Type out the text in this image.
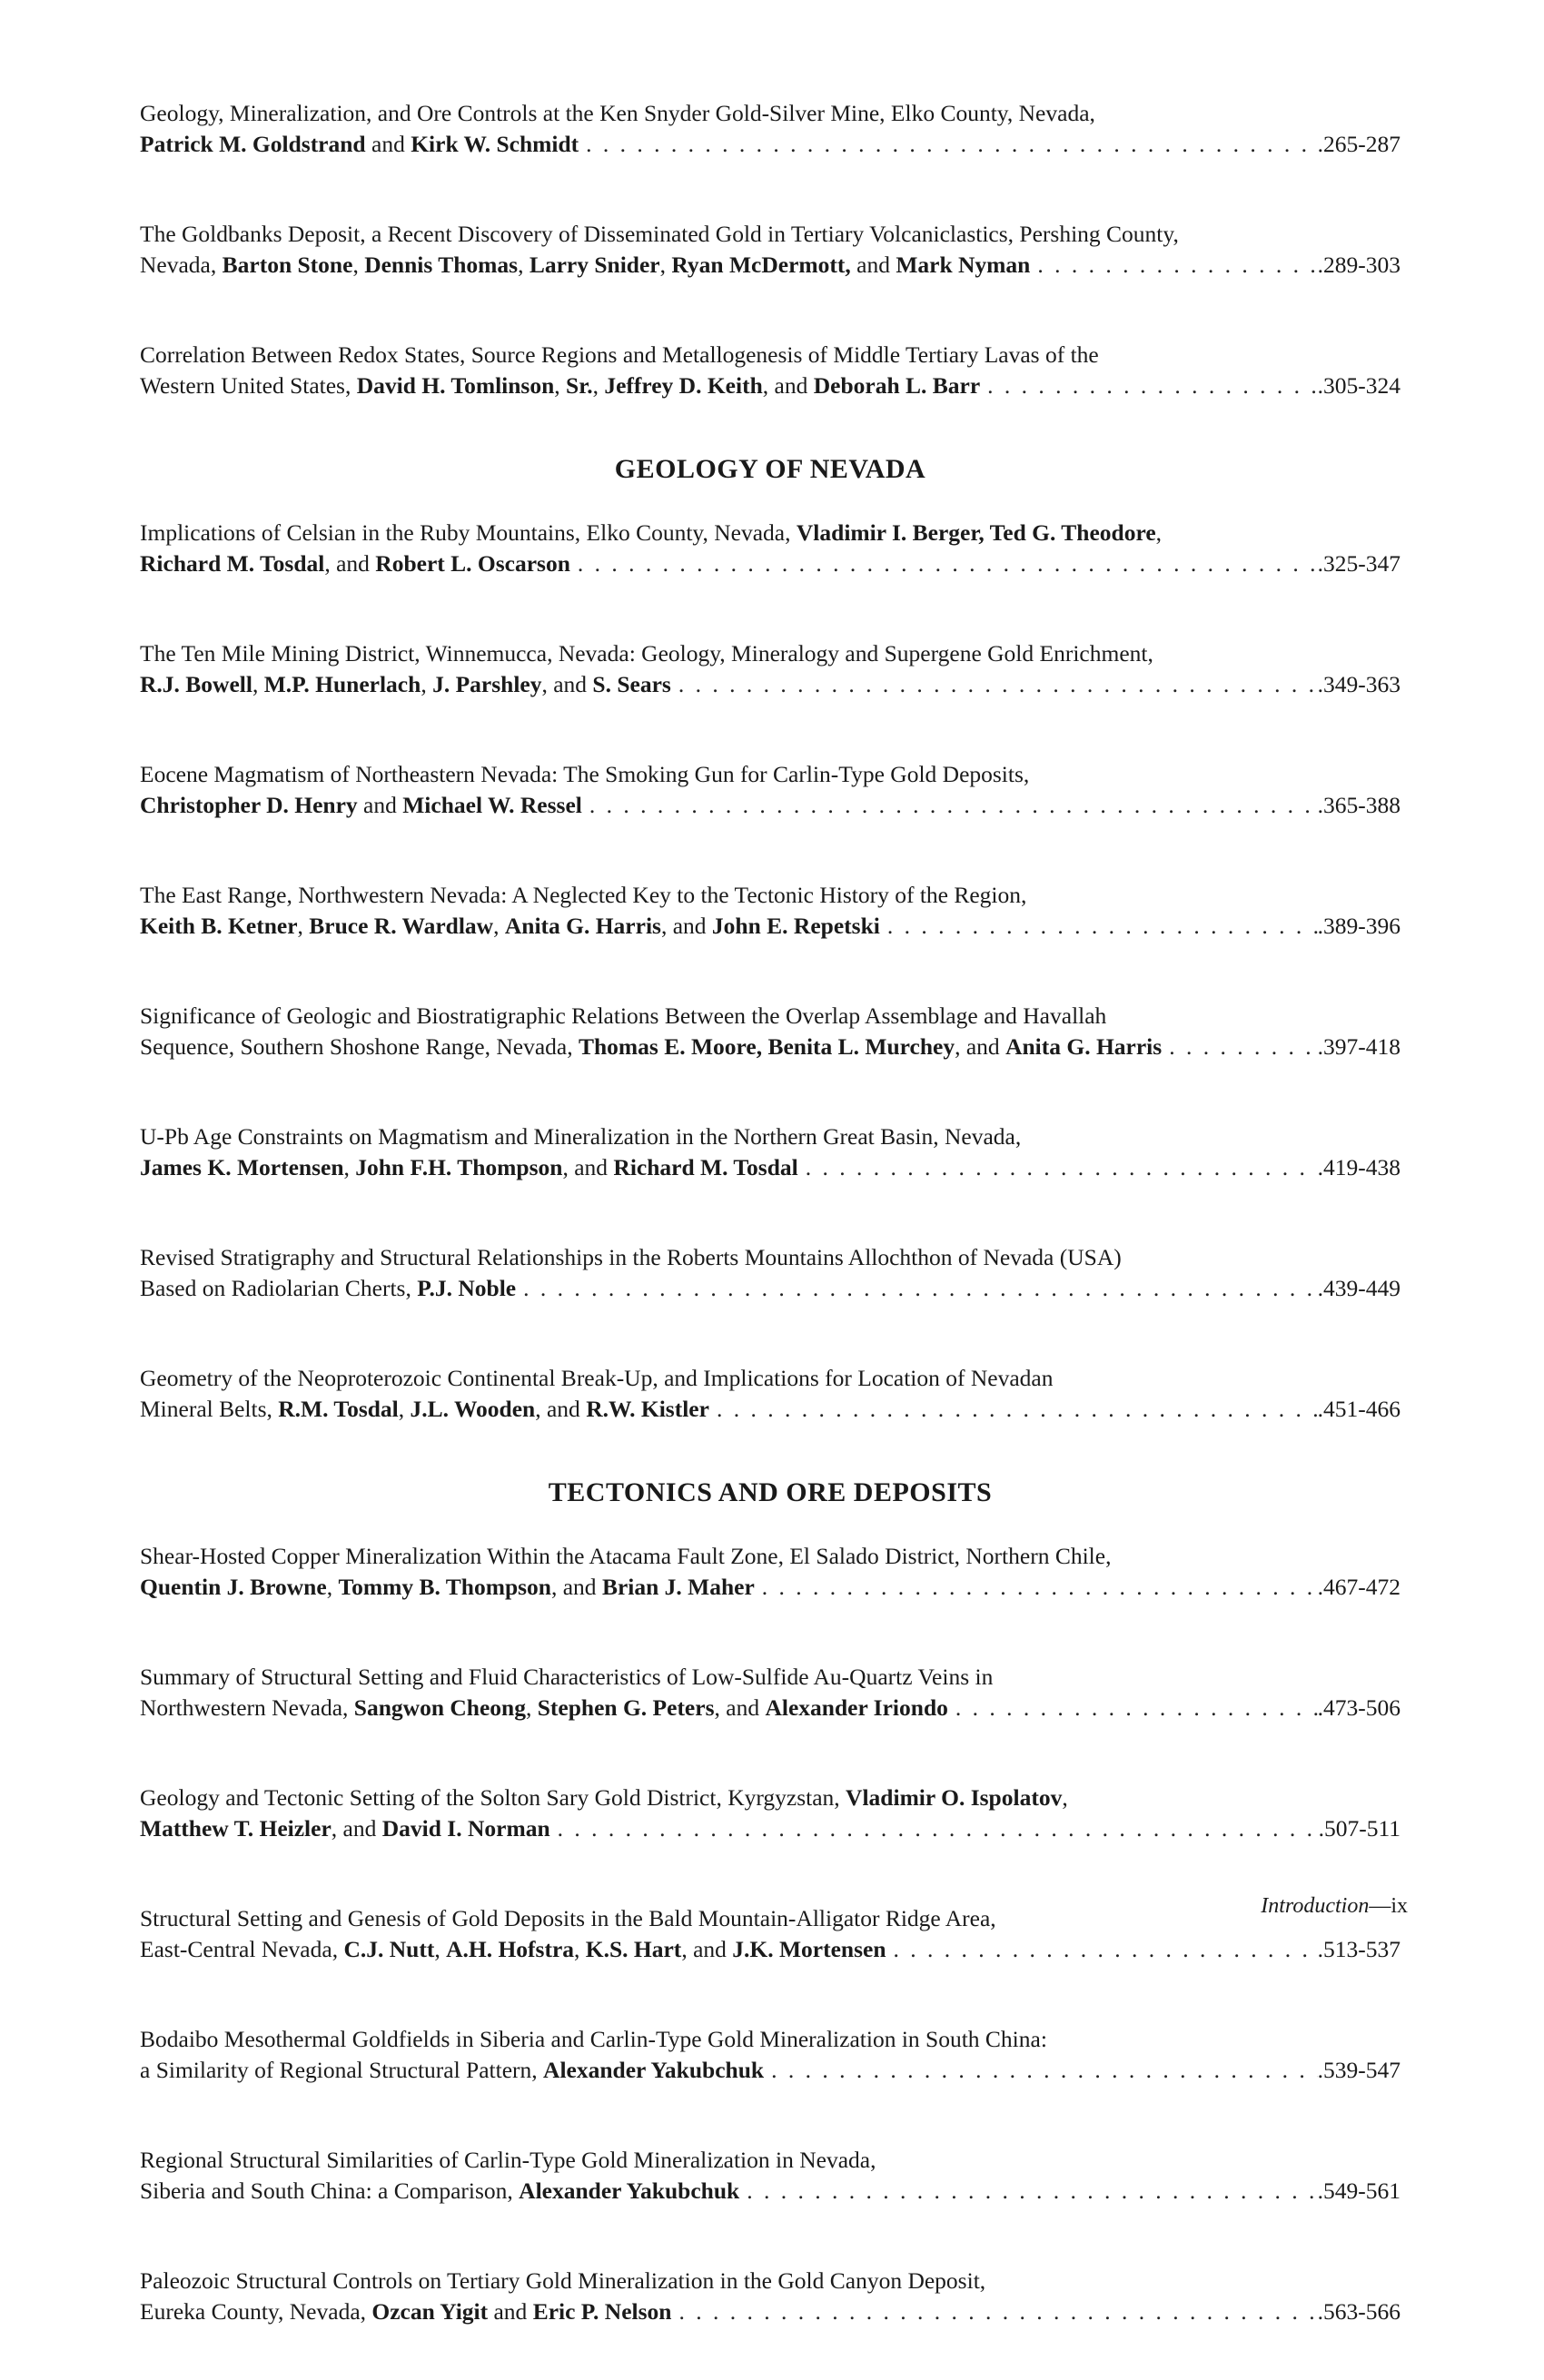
Geology, Mineralization, and Ore Controls at the Ken Snyder Gold-Silver Mine, Elko County, Nevada,
Patrick M. Goldstrand and Kirk W. Schmidt . . .	.265-287
The Goldbanks Deposit, a Recent Discovery of Disseminated Gold in Tertiary Volcaniclastics, Pershing County,
Nevada, Barton Stone, Dennis Thomas, Larry Snider, Ryan McDermott, and Mark Nyman . . .	.289-303
Correlation Between Redox States, Source Regions and Metallogenesis of Middle Tertiary Lavas of the
Western United States, David H. Tomlinson, Sr., Jeffrey D. Keith, and Deborah L. Barr . . .	.305-324
GEOLOGY OF NEVADA
Implications of Celsian in the Ruby Mountains, Elko County, Nevada, Vladimir I. Berger, Ted G. Theodore,
Richard M. Tosdal, and Robert L. Oscarson . . .	.325-347
The Ten Mile Mining District, Winnemucca, Nevada: Geology, Mineralogy and Supergene Gold Enrichment,
R.J. Bowell, M.P. Hunerlach, J. Parshley, and S. Sears . . .	.349-363
Eocene Magmatism of Northeastern Nevada: The Smoking Gun for Carlin-Type Gold Deposits,
Christopher D. Henry and Michael W. Ressel . . .	.365-388
The East Range, Northwestern Nevada: A Neglected Key to the Tectonic History of the Region,
Keith B. Ketner, Bruce R. Wardlaw, Anita G. Harris, and John E. Repetski . . .	.389-396
Significance of Geologic and Biostratigraphic Relations Between the Overlap Assemblage and Havallah
Sequence, Southern Shoshone Range, Nevada, Thomas E. Moore, Benita L. Murchey, and Anita G. Harris . . .	.397-418
U-Pb Age Constraints on Magmatism and Mineralization in the Northern Great Basin, Nevada,
James K. Mortensen, John F.H. Thompson, and Richard M. Tosdal . . .	.419-438
Revised Stratigraphy and Structural Relationships in the Roberts Mountains Allochthon of Nevada (USA)
Based on Radiolarian Cherts, P.J. Noble . . .	.439-449
Geometry of the Neoproterozoic Continental Break-Up, and Implications for Location of Nevadan
Mineral Belts, R.M. Tosdal, J.L. Wooden, and R.W. Kistler . . .	.451-466
TECTONICS AND ORE DEPOSITS
Shear-Hosted Copper Mineralization Within the Atacama Fault Zone, El Salado District, Northern Chile,
Quentin J. Browne, Tommy B. Thompson, and Brian J. Maher . . .	.467-472
Summary of Structural Setting and Fluid Characteristics of Low-Sulfide Au-Quartz Veins in
Northwestern Nevada, Sangwon Cheong, Stephen G. Peters, and Alexander Iriondo . . .	.473-506
Geology and Tectonic Setting of the Solton Sary Gold District, Kyrgyzstan, Vladimir O. Ispolatov,
Matthew T. Heizler, and David I. Norman . . .	.507-511
Structural Setting and Genesis of Gold Deposits in the Bald Mountain-Alligator Ridge Area,
East-Central Nevada, C.J. Nutt, A.H. Hofstra, K.S. Hart, and J.K. Mortensen . . .	.513-537
Bodaibo Mesothermal Goldfields in Siberia and Carlin-Type Gold Mineralization in South China:
a Similarity of Regional Structural Pattern, Alexander Yakubchuk . . .	.539-547
Regional Structural Similarities of Carlin-Type Gold Mineralization in Nevada,
Siberia and South China: a Comparison, Alexander Yakubchuk . . .	.549-561
Paleozoic Structural Controls on Tertiary Gold Mineralization in the Gold Canyon Deposit,
Eureka County, Nevada, Ozcan Yigit and Eric P. Nelson . . .	.563-566
Introduction—ix
